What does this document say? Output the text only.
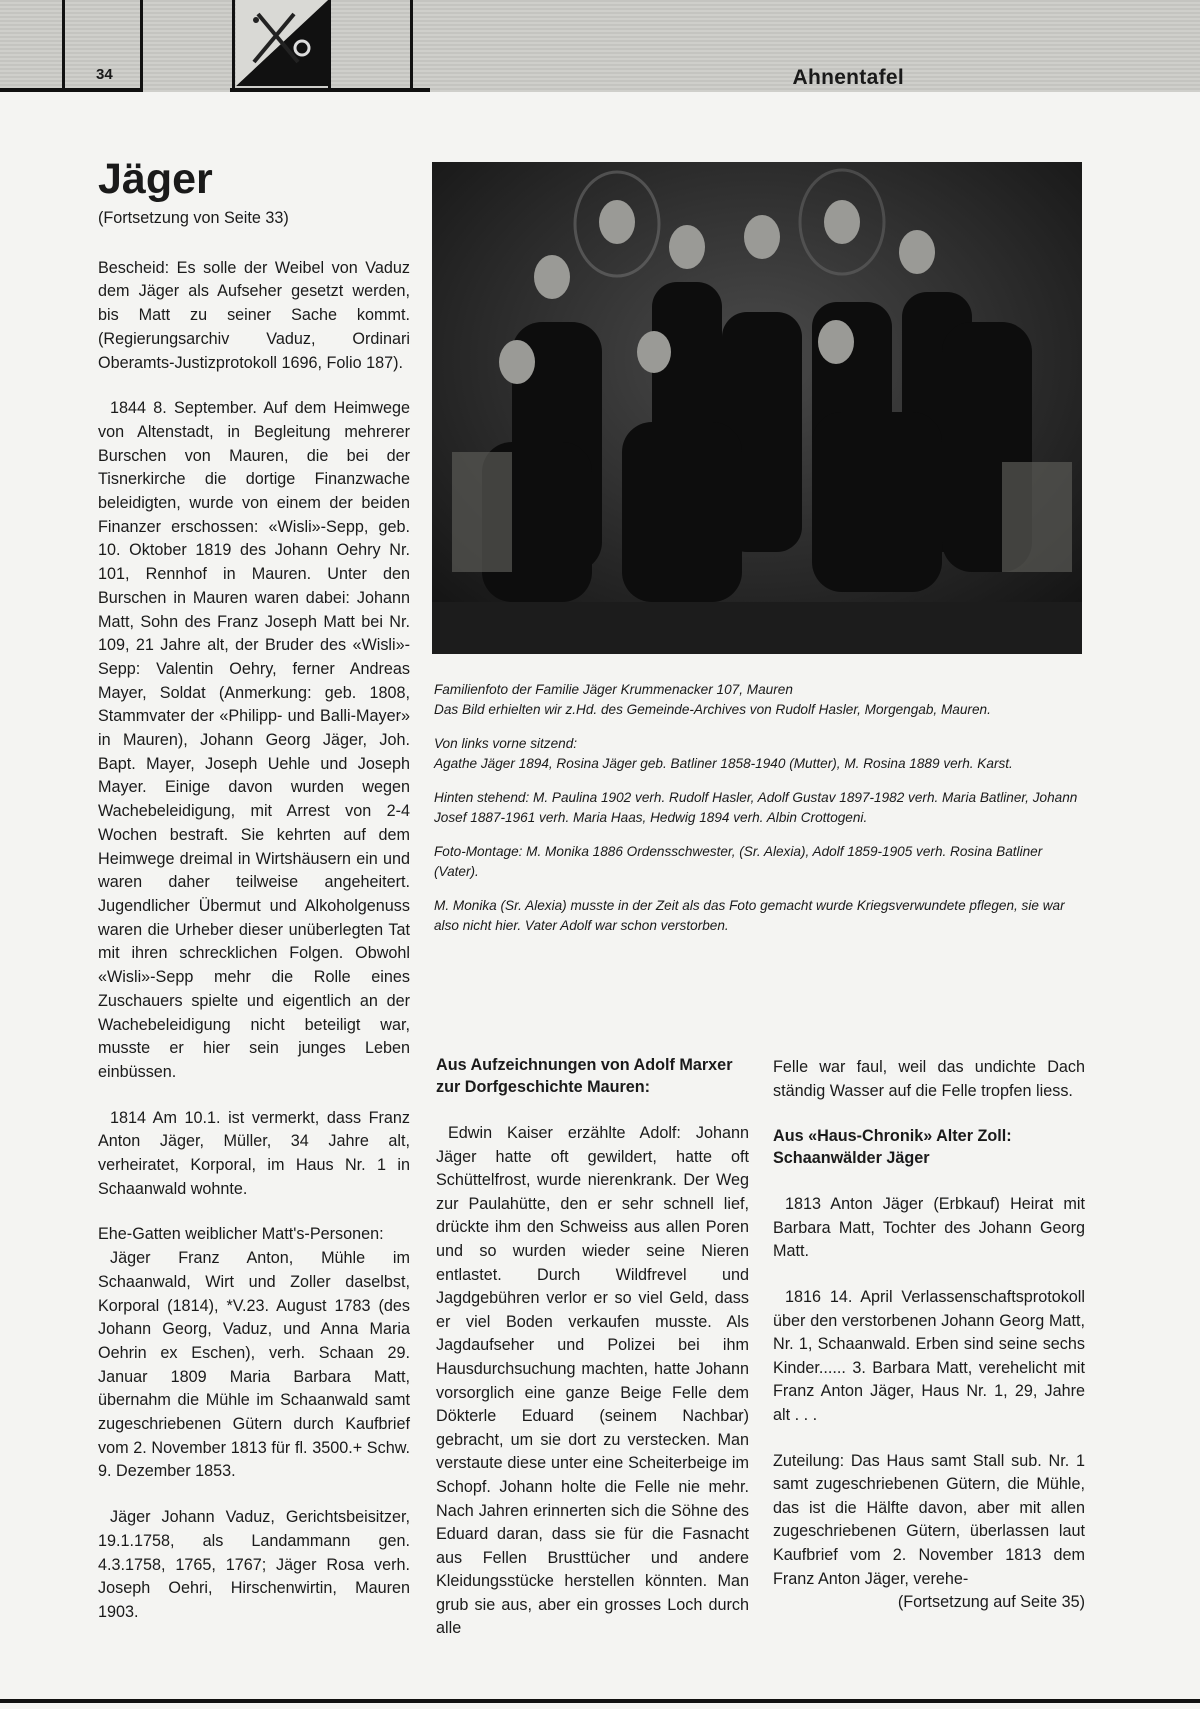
34	Ahnentafel
Jäger
(Fortsetzung von Seite 33)

Bescheid: Es solle der Weibel von Vaduz dem Jäger als Aufseher gesetzt werden, bis Matt zu seiner Sache kommt. (Regierungsarchiv Vaduz, Ordinari Oberamts-Justizprotokoll 1696, Folio 187).

1844 8. September. Auf dem Heimwege von Altenstadt, in Begleitung mehrerer Burschen von Mauren, die bei der Tisnerkirche die dortige Finanzwache beleidigten, wurde von einem der beiden Finanzer erschossen: «Wisli»-Sepp, geb. 10. Oktober 1819 des Johann Oehry Nr. 101, Rennhof in Mauren. Unter den Burschen in Mauren waren dabei: Johann Matt, Sohn des Franz Joseph Matt bei Nr. 109, 21 Jahre alt, der Bruder des «Wisli»-Sepp: Valentin Oehry, ferner Andreas Mayer, Soldat (Anmerkung: geb. 1808, Stammvater der «Philipp- und Balli-Mayer» in Mauren), Johann Georg Jäger, Joh. Bapt. Mayer, Joseph Uehle und Joseph Mayer. Einige davon wurden wegen Wachebeleidigung, mit Arrest von 2-4 Wochen bestraft. Sie kehrten auf dem Heimwege dreimal in Wirtshäusern ein und waren daher teilweise angeheitert. Jugendlicher Übermut und Alkoholgenuss waren die Urheber dieser unüberlegten Tat mit ihren schrecklichen Folgen. Obwohl «Wisli»-Sepp mehr die Rolle eines Zuschauers spielte und eigentlich an der Wachebeleidigung nicht beteiligt war, musste er hier sein junges Leben einbüssen.

1814 Am 10.1. ist vermerkt, dass Franz Anton Jäger, Müller, 34 Jahre alt, verheiratet, Korporal, im Haus Nr. 1 in Schaanwald wohnte.

Ehe-Gatten weiblicher Matt's-Personen:

Jäger Franz Anton, Mühle im Schaanwald, Wirt und Zoller daselbst, Korporal (1814), *V.23. August 1783 (des Johann Georg, Vaduz, und Anna Maria Oehrin ex Eschen), verh. Schaan 29. Januar 1809 Maria Barbara Matt, übernahm die Mühle im Schaanwald samt zugeschriebenen Gütern durch Kaufbrief vom 2. November 1813 für fl. 3500.+ Schw. 9. Dezember 1853.

Jäger Johann Vaduz, Gerichtsbeisitzer, 19.1.1758, als Landammann gen. 4.3.1758, 1765, 1767; Jäger Rosa verh. Joseph Oehri, Hirschenwirtin, Mauren 1903.

Familienfoto der Familie Jäger Krummenacker 107, Mauren

Das Bild erhielten wir z.Hd. des Gemeinde-Archives von Rudolf Hasler, Morgengab, Mauren.

Von links vorne sitzend:

Agathe Jäger 1894, Rosina Jäger geb. Batliner 1858-1940 (Mutter), M. Rosina 1889 verh. Karst.

Hinten stehend: M. Paulina 1902 verh. Rudolf Hasler, Adolf Gustav 1897-1982 verh. Maria Batliner, Johann Josef 1887-1961 verh. Maria Haas, Hedwig 1894 verh. Albin Crottogeni.

Foto-Montage: M. Monika 1886 Ordensschwester, (Sr. Alexia), Adolf 1859-1905 verh. Rosina Batliner (Vater).

M. Monika (Sr. Alexia) musste in der Zeit als das Foto gemacht wurde Kriegsverwundete pflegen, sie war also nicht hier. Vater Adolf war schon verstorben.

Aus Aufzeichnungen von Adolf Marxer zur Dorfgeschichte Mauren:

Edwin Kaiser erzählte Adolf: Johann Jäger hatte oft gewildert, hatte oft Schüttelfrost, wurde nierenkrank. Der Weg zur Paulahütte, den er sehr schnell lief, drückte ihm den Schweiss aus allen Poren und so wurden wieder seine Nieren entlastet. Durch Wildfrevel und Jagdgebühren verlor er so viel Geld, dass er viel Boden verkaufen musste. Als Jagdaufseher und Polizei bei ihm Hausdurchsuchung machten, hatte Johann vorsorglich eine ganze Beige Felle dem Dökterle Eduard (seinem Nachbar) gebracht, um sie dort zu verstecken. Man verstaute diese unter eine Scheiterbeige im Schopf. Johann holte die Felle nie mehr. Nach Jahren erinnerten sich die Söhne des Eduard daran, dass sie für die Fasnacht aus Fellen Brusttücher und andere Kleidungsstücke herstellen könnten. Man grub sie aus, aber ein grosses Loch durch alle

Felle war faul, weil das undichte Dach ständig Wasser auf die Felle tropfen liess.

Aus «Haus-Chronik» Alter Zoll: Schaanwälder Jäger

1813 Anton Jäger (Erbkauf) Heirat mit Barbara Matt, Tochter des Johann Georg Matt.

1816 14. April Verlassenschaftsprotokoll über den verstorbenen Johann Georg Matt, Nr. 1, Schaanwald. Erben sind seine sechs Kinder...... 3. Barbara Matt, verehelicht mit Franz Anton Jäger, Haus Nr. 1, 29, Jahre alt . . .

Zuteilung: Das Haus samt Stall sub. Nr. 1 samt zugeschriebenen Gütern, die Mühle, das ist die Hälfte davon, aber mit allen zugeschriebenen Gütern, überlassen laut Kaufbrief vom 2. November 1813 dem Franz Anton Jäger, verehe-

(Fortsetzung auf Seite 35)
